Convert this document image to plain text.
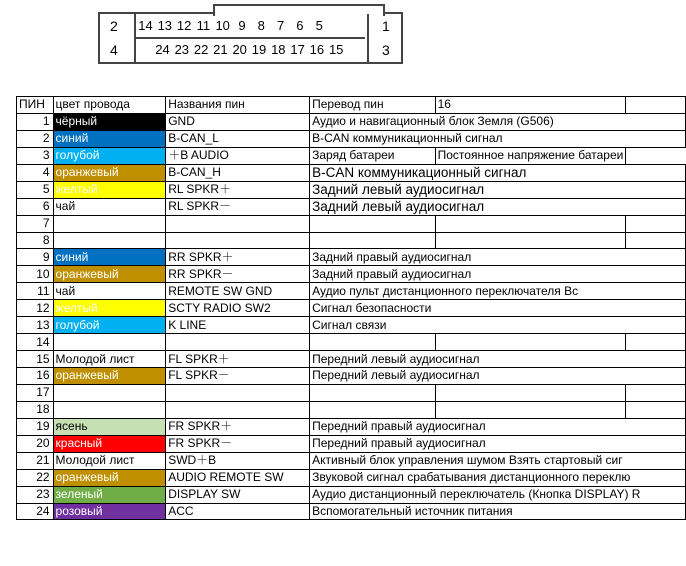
2
4
1
3
14 13 12 11 10 9 8 7 6 5
24 23 22 21 20 19 18 17 16 15
ПИН	цвет провода	Названия пин	Перевод пин	16	
1	чёрный	GND	Аудио и навигационный блок Земля (G506)		
2	синий	B-CAN_L	B-CAN коммуникационный сигнал		
3	голубой	＋B AUDIO	Заряд батареи	Постоянное напряжение батареи	
4	оранжевый	B-CAN_H	B-CAN коммуникационный сигнал		
5	желтый	RL SPKR＋	Задний левый аудиосигнал		
6	чай	RL SPKR－	Задний левый аудиосигнал		
7					
8					
9	синий	RR SPKR＋	Задний правый аудиосигнал		
10	оранжевый	RR SPKR－	Задний правый аудиосигнал		
11	чай	REMOTE SW GND	Аудио пульт дистанционного переключателя Вс		
12	желтый	SCTY RADIO SW2	Сигнал безопасности		
13	голубой	K LINE	Сигнал связи		
14					
15	Молодой лист	FL SPKR＋	Передний левый аудиосигнал		
16	оранжевый	FL SPKR－	Передний левый аудиосигнал		
17					
18					
19	ясень	FR SPKR＋	Передний правый аудиосигнал		
20	красный	FR SPKR－	Передний правый аудиосигнал		
21	Молодой лист	SWD＋B	Активный блок управления шумом Взять стартовый сиг		
22	оранжевый	AUDIO REMOTE SW	Звуковой сигнал срабатывания дистанционного переклю		
23	зеленый	DISPLAY SW	Аудио дистанционный переключатель (Кнопка DISPLAY) R		
24	розовый	ACC	Вспомогательный источник питания		
